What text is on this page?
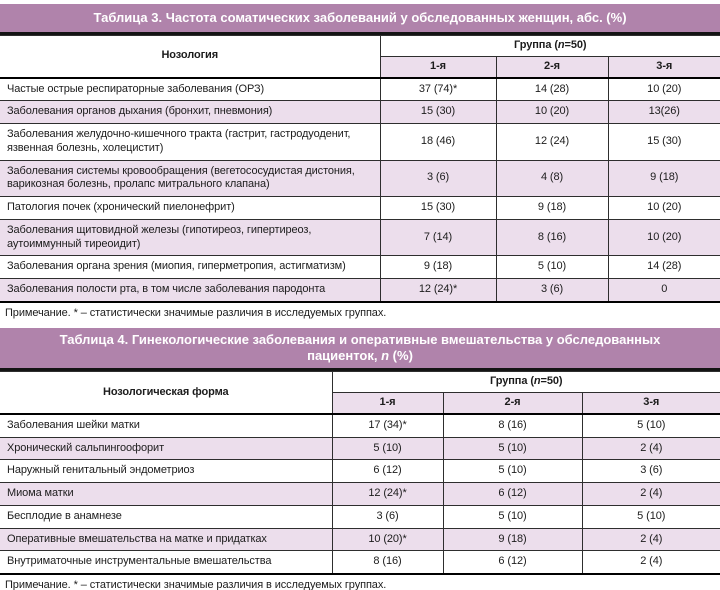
Таблица 3. Частота соматических заболеваний у обследованных женщин, абс. (%)
Нозология	Группа (n=50)		
	1-я	2-я	3-я
Частые острые респираторные заболевания (ОРЗ)	37 (74)*	14 (28)	10 (20)
Заболевания органов дыхания (бронхит, пневмония)	15 (30)	10 (20)	13(26)
Заболевания желудочно-кишечного тракта (гастрит, гастродуоденит, язвенная болезнь, холецистит)	18 (46)	12 (24)	15 (30)
Заболевания системы кровообращения (вегетососудистая дистония, варикозная болезнь, пролапс митрального клапана)	3 (6)	4 (8)	9 (18)
Патология почек (хронический пиелонефрит)	15 (30)	9 (18)	10 (20)
Заболевания щитовидной железы (гипотиреоз, гипертиреоз, аутоиммунный тиреоидит)	7 (14)	8 (16)	10 (20)
Заболевания органа зрения (миопия, гиперметропия, астигматизм)	9 (18)	5 (10)	14 (28)
Заболевания полости рта, в том числе заболевания пародонта	12 (24)*	3 (6)	0
Примечание. * – статистически значимые различия в исследуемых группах.
Таблица 4. Гинекологические заболевания и оперативные вмешательства у обследованных пациенток, n (%)
Нозологическая форма	Группа (n=50)		
	1-я	2-я	3-я
Заболевания шейки матки	17 (34)*	8 (16)	5 (10)
Хронический сальпингоофорит	5 (10)	5 (10)	2 (4)
Наружный генитальный эндометриоз	6 (12)	5 (10)	3 (6)
Миома матки	12 (24)*	6 (12)	2 (4)
Бесплодие в анамнезе	3 (6)	5 (10)	5 (10)
Оперативные вмешательства на матке и придатках	10 (20)*	9 (18)	2 (4)
Внутриматочные инструментальные вмешательства	8 (16)	6 (12)	2 (4)
Примечание. * – статистически значимые различия в исследуемых группах.
